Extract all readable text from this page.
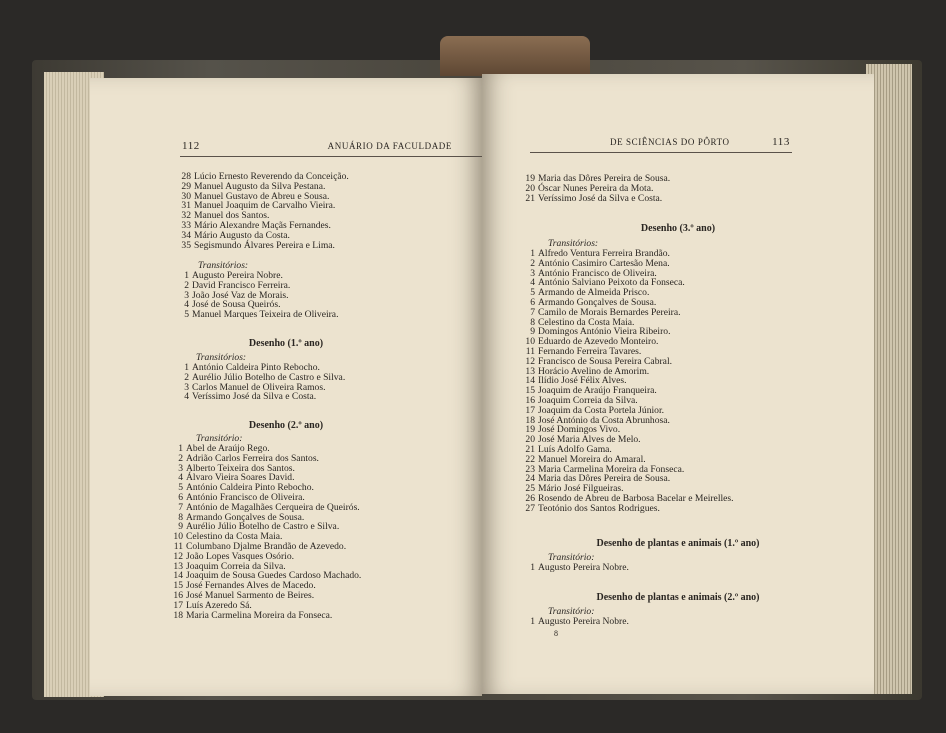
112	ANUÁRIO DA FACULDADE
28 Lúcio Ernesto Reverendo da Conceição.
29 Manuel Augusto da Silva Pestana.
30 Manuel Gustavo de Abreu e Sousa.
31 Manuel Joaquim de Carvalho Vieira.
32 Manuel dos Santos.
33 Mário Alexandre Maçãs Fernandes.
34 Mário Augusto da Costa.
35 Segismundo Álvares Pereira e Lima.
Transitórios:
1 Augusto Pereira Nobre.
2 David Francisco Ferreira.
3 João José Vaz de Morais.
4 José de Sousa Queirós.
5 Manuel Marques Teixeira de Oliveira.
Desenho (1.º ano)
Transitórios:
1 António Caldeira Pinto Rebocho.
2 Aurélio Júlio Botelho de Castro e Silva.
3 Carlos Manuel de Oliveira Ramos.
4 Veríssimo José da Silva e Costa.
Desenho (2.º ano)
Transitório:
1 Abel de Araújo Rego.
2 Adrião Carlos Ferreira dos Santos.
3 Alberto Teixeira dos Santos.
4 Álvaro Vieira Soares David.
5 António Caldeira Pinto Rebocho.
6 António Francisco de Oliveira.
7 António de Magalhães Cerqueira de Queirós.
8 Armando Gonçalves de Sousa.
9 Aurélio Júlio Botelho de Castro e Silva.
10 Celestino da Costa Maia.
11 Columbano Djalme Brandão de Azevedo.
12 João Lopes Vasques Osório.
13 Joaquim Correia da Silva.
14 Joaquim de Sousa Guedes Cardoso Machado.
15 José Fernandes Alves de Macedo.
16 José Manuel Sarmento de Beires.
17 Luís Azeredo Sá.
18 Maria Carmelina Moreira da Fonseca.
DE SCIÊNCIAS DO PÔRTO	113
19 Maria das Dôres Pereira de Sousa.
20 Óscar Nunes Pereira da Mota.
21 Veríssimo José da Silva e Costa.
Desenho (3.º ano)
Transitórios:
1 Alfredo Ventura Ferreira Brandão.
2 António Casimiro Cartesão Mena.
3 António Francisco de Oliveira.
4 António Salviano Peixoto da Fonseca.
5 Armando de Almeida Prisco.
6 Armando Gonçalves de Sousa.
7 Camilo de Morais Bernardes Pereira.
8 Celestino da Costa Maia.
9 Domingos António Vieira Ribeiro.
10 Eduardo de Azevedo Monteiro.
11 Fernando Ferreira Tavares.
12 Francisco de Sousa Pereira Cabral.
13 Horácio Avelino de Amorim.
14 Ilídio José Félix Alves.
15 Joaquim de Araújo Franqueira.
16 Joaquim Correia da Silva.
17 Joaquim da Costa Portela Júnior.
18 José António da Costa Abrunhosa.
19 José Domingos Vivo.
20 José Maria Alves de Melo.
21 Luís Adolfo Gama.
22 Manuel Moreira do Amaral.
23 Maria Carmelina Moreira da Fonseca.
24 Maria das Dôres Pereira de Sousa.
25 Mário José Filgueiras.
26 Rosendo de Abreu de Barbosa Bacelar e Meirelles.
27 Teotónio dos Santos Rodrigues.
Desenho de plantas e animais (1.º ano)
Transitório:
1 Augusto Pereira Nobre.
Desenho de plantas e animais (2.º ano)
Transitório:
1 Augusto Pereira Nobre.
8
